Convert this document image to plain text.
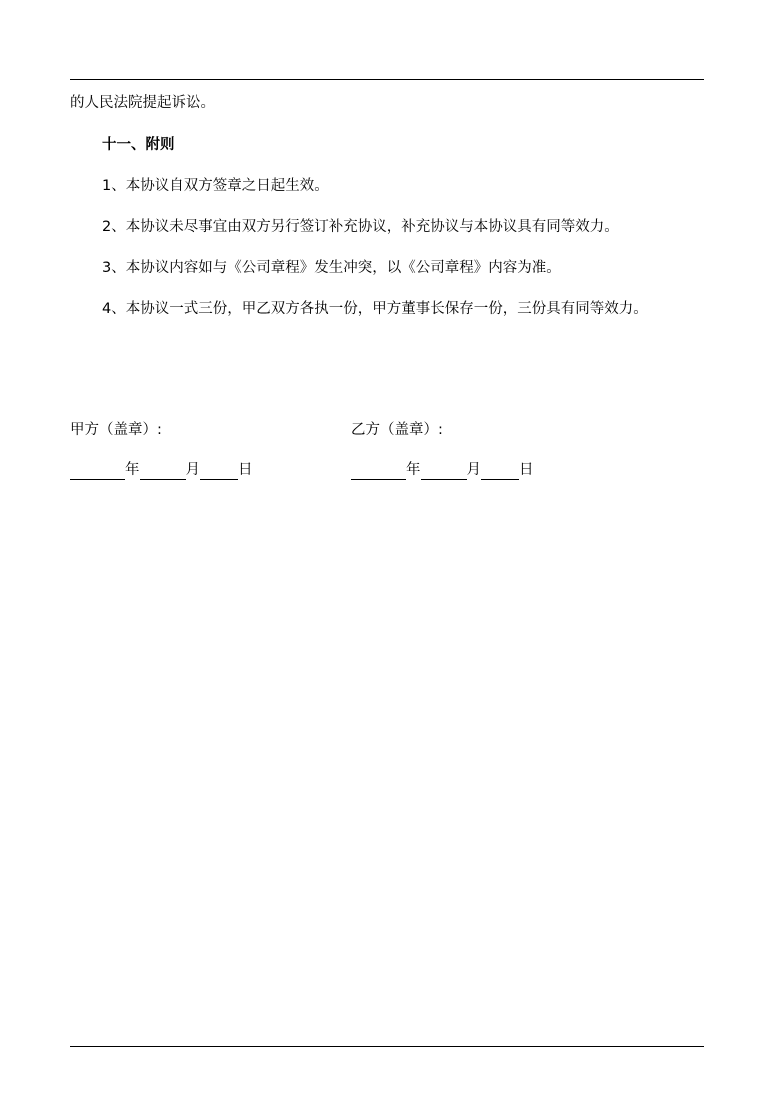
的人民法院提起诉讼。
十一、附则
1、本协议自双方签章之日起生效。
2、本协议未尽事宜由双方另行签订补充协议，补充协议与本协议具有同等效力。
3、本协议内容如与《公司章程》发生冲突，以《公司章程》内容为准。
4、本协议一式三份，甲乙双方各执一份，甲方董事长保存一份，三份具有同等效力。
甲方（盖章）:
年	月	日
乙方（盖章）:
年	月	日
